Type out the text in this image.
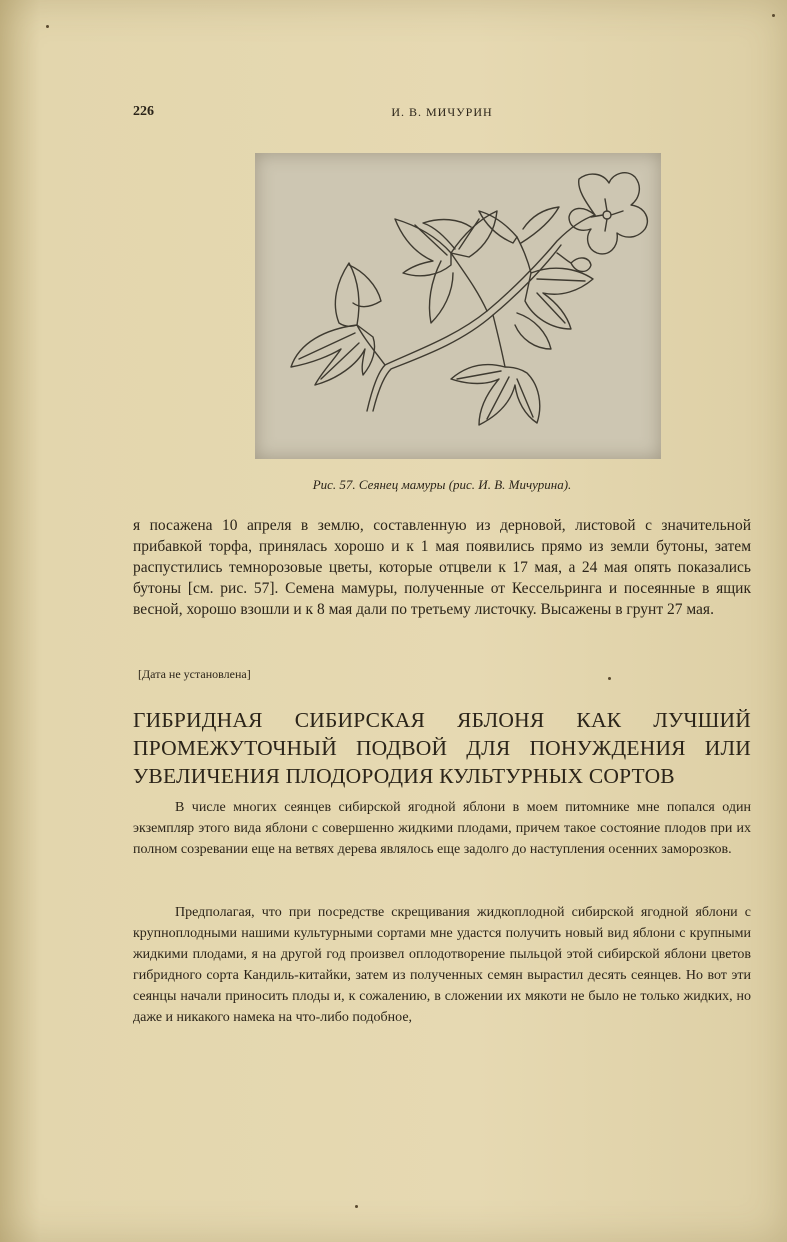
226	И. В. МИЧУРИН
Рис. 57. Сеянец мамуры (рис. И. В. Мичурина).

я посажена 10 апреля в землю, составленную из дерновой, листовой с значительной прибавкой торфа, принялась хорошо и к 1 мая появились прямо из земли бутоны, затем распустились темнорозовые цветы, которые отцвели к 17 мая, а 24 мая опять показались бутоны [см. рис. 57]. Семена мамуры, полученные от Кессельринга и посеянные в ящик весной, хорошо взошли и к 8 мая дали по третьему листочку. Высажены в грунт 27 мая.

[Дата не установлена]
ГИБРИДНАЯ СИБИРСКАЯ ЯБЛОНЯ КАК ЛУЧШИЙ ПРОМЕЖУТОЧНЫЙ ПОДВОЙ ДЛЯ ПОНУЖДЕНИЯ ИЛИ УВЕЛИЧЕНИЯ ПЛОДОРОДИЯ КУЛЬТУРНЫХ СОРТОВ

В числе многих сеянцев сибирской ягодной яблони в моем питомнике мне попался один экземпляр этого вида яблони с совершенно жидкими плодами, причем такое состояние плодов при их полном созревании еще на ветвях дерева являлось еще задолго до наступления осенних заморозков.

Предполагая, что при посредстве скрещивания жидкоплодной сибирской ягодной яблони с крупноплодными нашими культурными сортами мне удастся получить новый вид яблони с крупными жидкими плодами, я на другой год произвел оплодотворение пыльцой этой сибирской яблони цветов гибридного сорта Кандиль-китайки, затем из полученных семян вырастил десять сеянцев. Но вот эти сеянцы начали приносить плоды и, к сожалению, в сложении их мякоти не было не только жидких, но даже и никакого намека на что-либо подобное,
